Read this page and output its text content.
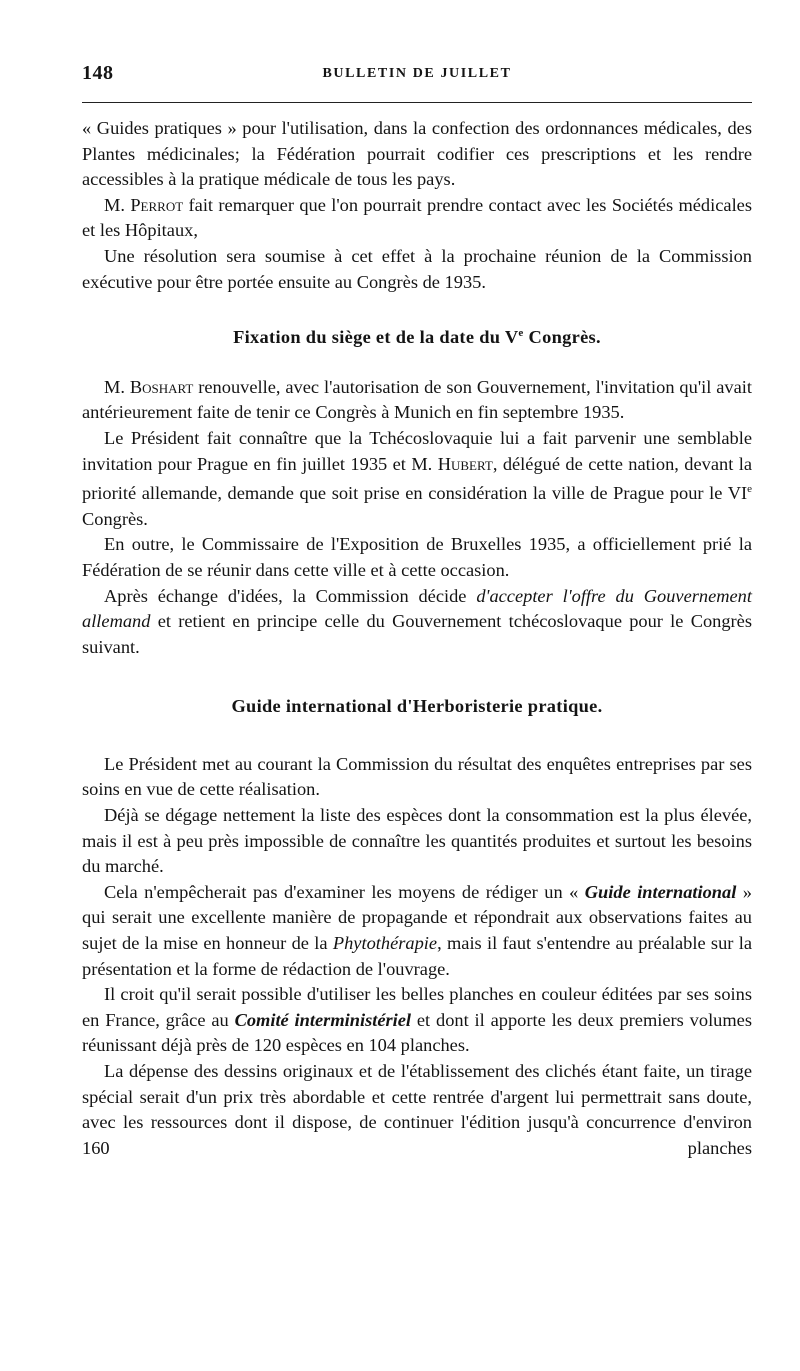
148	BULLETIN DE JUILLET

« Guides pratiques » pour l'utilisation, dans la confection des ordonnances médicales, des Plantes médicinales; la Fédération pourrait codifier ces prescriptions et les rendre accessibles à la pratique médicale de tous les pays.

M. Perrot fait remarquer que l'on pourrait prendre contact avec les Sociétés médicales et les Hôpitaux,

Une résolution sera soumise à cet effet à la prochaine réunion de la Commission exécutive pour être portée ensuite au Congrès de 1935.

Fixation du siège et de la date du Ve Congrès.

M. Boshart renouvelle, avec l'autorisation de son Gouvernement, l'invitation qu'il avait antérieurement faite de tenir ce Congrès à Munich en fin septembre 1935.

Le Président fait connaître que la Tchécoslovaquie lui a fait parvenir une semblable invitation pour Prague en fin juillet 1935 et M. Hubert, délégué de cette nation, devant la priorité allemande, demande que soit prise en considération la ville de Prague pour le VIe Congrès.

En outre, le Commissaire de l'Exposition de Bruxelles 1935, a officiellement prié la Fédération de se réunir dans cette ville et à cette occasion.

Après échange d'idées, la Commission décide d'accepter l'offre du Gouvernement allemand et retient en principe celle du Gouvernement tchécoslovaque pour le Congrès suivant.

Guide international d'Herboristerie pratique.

Le Président met au courant la Commission du résultat des enquêtes entreprises par ses soins en vue de cette réalisation.

Déjà se dégage nettement la liste des espèces dont la consommation est la plus élevée, mais il est à peu près impossible de connaître les quantités produites et surtout les besoins du marché.

Cela n'empêcherait pas d'examiner les moyens de rédiger un « Guide international » qui serait une excellente manière de propagande et répondrait aux observations faites au sujet de la mise en honneur de la Phytothérapie, mais il faut s'entendre au préalable sur la présentation et la forme de rédaction de l'ouvrage.

Il croit qu'il serait possible d'utiliser les belles planches en couleur éditées par ses soins en France, grâce au Comité interministériel et dont il apporte les deux premiers volumes réunissant déjà près de 120 espèces en 104 planches.

La dépense des dessins originaux et de l'établissement des clichés étant faite, un tirage spécial serait d'un prix très abordable et cette rentrée d'argent lui permettrait sans doute, avec les ressources dont il dispose, de continuer l'édition jusqu'à concurrence d'environ 160 planches
